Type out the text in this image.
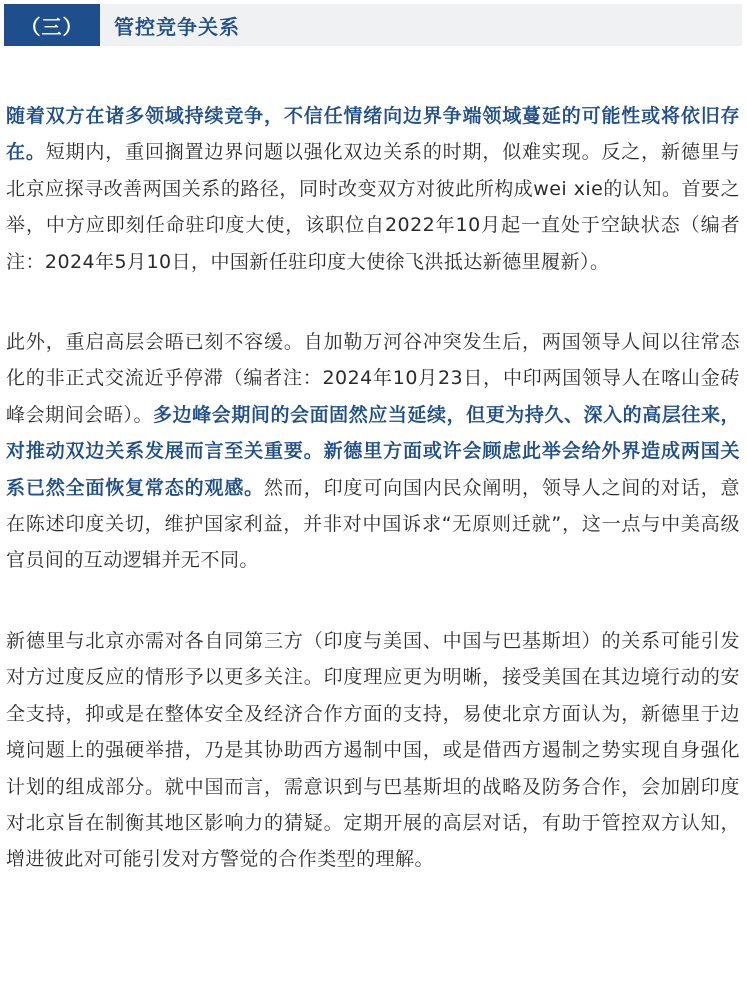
（三）	管控竞争关系

随着双方在诸多领域持续竞争，不信任情绪向边界争端领域蔓延的可能性或将依旧存在。短期内，重回搁置边界问题以强化双边关系的时期，似难实现。反之，新德里与北京应探寻改善两国关系的路径，同时改变双方对彼此所构成wei xie的认知。首要之举，中方应即刻任命驻印度大使，该职位自2022年10月起一直处于空缺状态（编者注：2024年5月10日，中国新任驻印度大使徐飞洪抵达新德里履新）。

此外，重启高层会晤已刻不容缓。自加勒万河谷冲突发生后，两国领导人间以往常态化的非正式交流近乎停滞（编者注：2024年10月23日，中印两国领导人在喀山金砖峰会期间会晤）。多边峰会期间的会面固然应当延续，但更为持久、深入的高层往来，对推动双边关系发展而言至关重要。新德里方面或许会顾虑此举会给外界造成两国关系已然全面恢复常态的观感。然而，印度可向国内民众阐明，领导人之间的对话，意在陈述印度关切，维护国家利益，并非对中国诉求“无原则迁就”，这一点与中美高级官员间的互动逻辑并无不同。

新德里与北京亦需对各自同第三方（印度与美国、中国与巴基斯坦）的关系可能引发对方过度反应的情形予以更多关注。印度理应更为明晰，接受美国在其边境行动的安全支持，抑或是在整体安全及经济合作方面的支持，易使北京方面认为，新德里于边境问题上的强硬举措，乃是其协助西方遏制中国，或是借西方遏制之势实现自身强化计划的组成部分。就中国而言，需意识到与巴基斯坦的战略及防务合作，会加剧印度对北京旨在制衡其地区影响力的猜疑。定期开展的高层对话，有助于管控双方认知，增进彼此对可能引发对方警觉的合作类型的理解。
